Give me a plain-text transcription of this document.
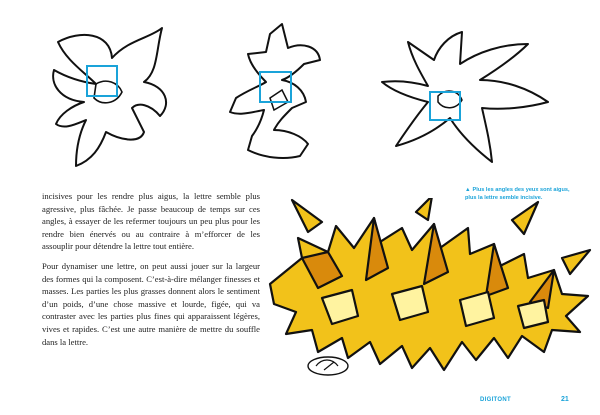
incisives pour les rendre plus aigus, la lettre semble plus agressive, plus fâchée. Je passe beaucoup de temps sur ces angles, à essayer de les refermer toujours un peu plus pour les rendre bien énervés ou au contraire à m’efforcer de les assouplir pour détendre la lettre tout entière.

Pour dynamiser une lettre, on peut aussi jouer sur la largeur des formes qui la composent. C’est-à-dire mélanger finesses et masses. Les parties les plus grasses donnent alors le sentiment d’un poids, d’une chose massive et lourde, figée, qui va contraster avec les parties plus fines qui apparaissent légères, vives et rapides. C’est une autre manière de mettre du souffle dans la lettre.

▲ Plus les angles des yeux sont aigus, plus la lettre semble incisive.
DIGITONT	21
